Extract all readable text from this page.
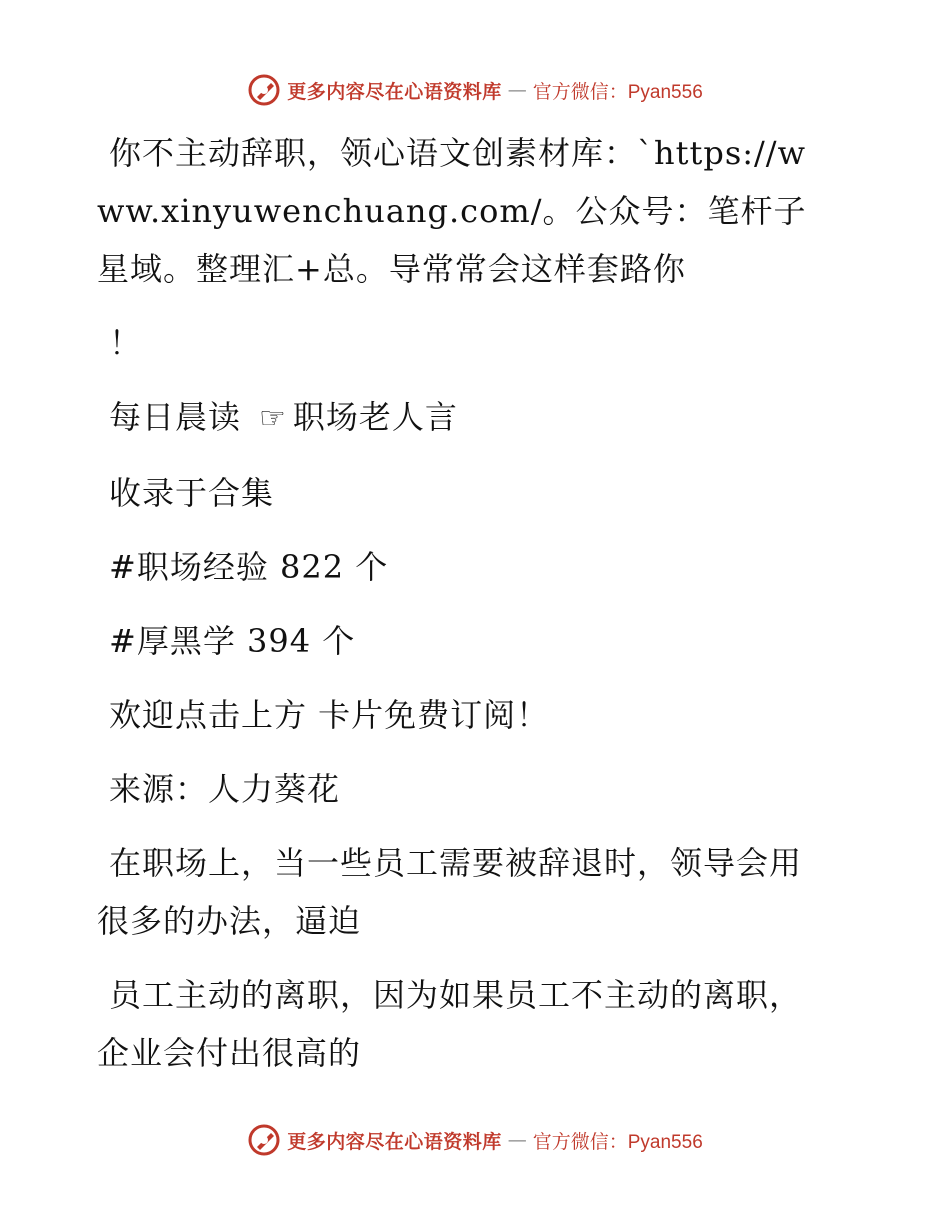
更多内容尽在心语资料库 — 官方微信：Pyan556

你不主动辞职，领心语文创素材库：`https://www.xinyuwenchuang.com/。公众号：笔杆子星域。整理汇+总。导常常会这样套路你

！

每日晨读 ☞ 职场老人言

收录于合集

#职场经验 822 个

#厚黑学 394 个

欢迎点击上方 卡片免费订阅！

来源：人力葵花

在职场上，当一些员工需要被辞退时，领导会用很多的办法，逼迫

员工主动的离职，因为如果员工不主动的离职，企业会付出很高的

更多内容尽在心语资料库 — 官方微信：Pyan556
